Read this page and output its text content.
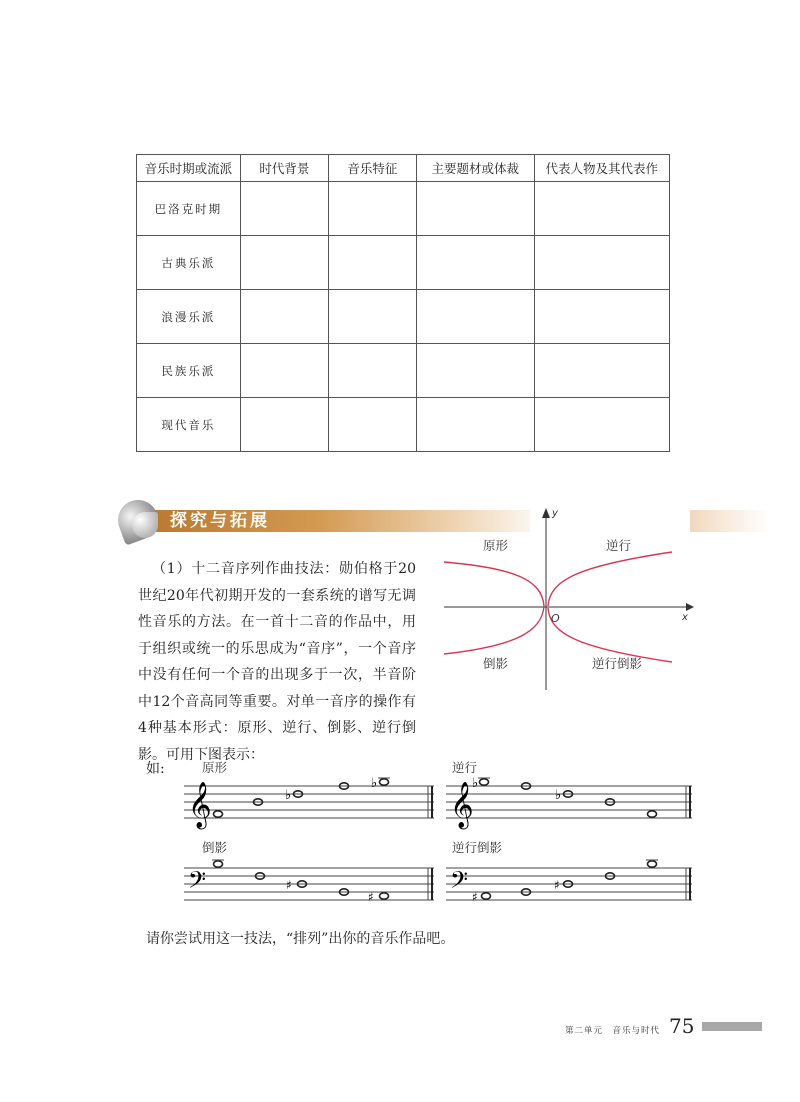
音乐时期或流派	时代背景	音乐特征	主要题材或体裁	代表人物及其代表作
巴洛克时期				
古典乐派				
浪漫乐派				
民族乐派				
现代音乐				
探究与拓展

（1）十二音序列作曲技法：勋伯格于20世纪20年代初期开发的一套系统的谱写无调性音乐的方法。在一首十二音的作品中，用于组织或统一的乐思成为“音序”，一个音序中没有任何一个音的出现多于一次，半音阶中12个音高同等重要。对单一音序的操作有4种基本形式：原形、逆行、倒影、逆行倒影。可用下图表示：

原形	逆行
倒影	逆行倒影
O	x
y
如:	原形
𝄞	♭
♭
逆行
𝄞
♭
♭
倒影
𝄢	♯
♯
逆行倒影
𝄢 ♯
♯
请你尝试用这一技法，“排列”出你的音乐作品吧。
第二单元　音乐与时代 75
